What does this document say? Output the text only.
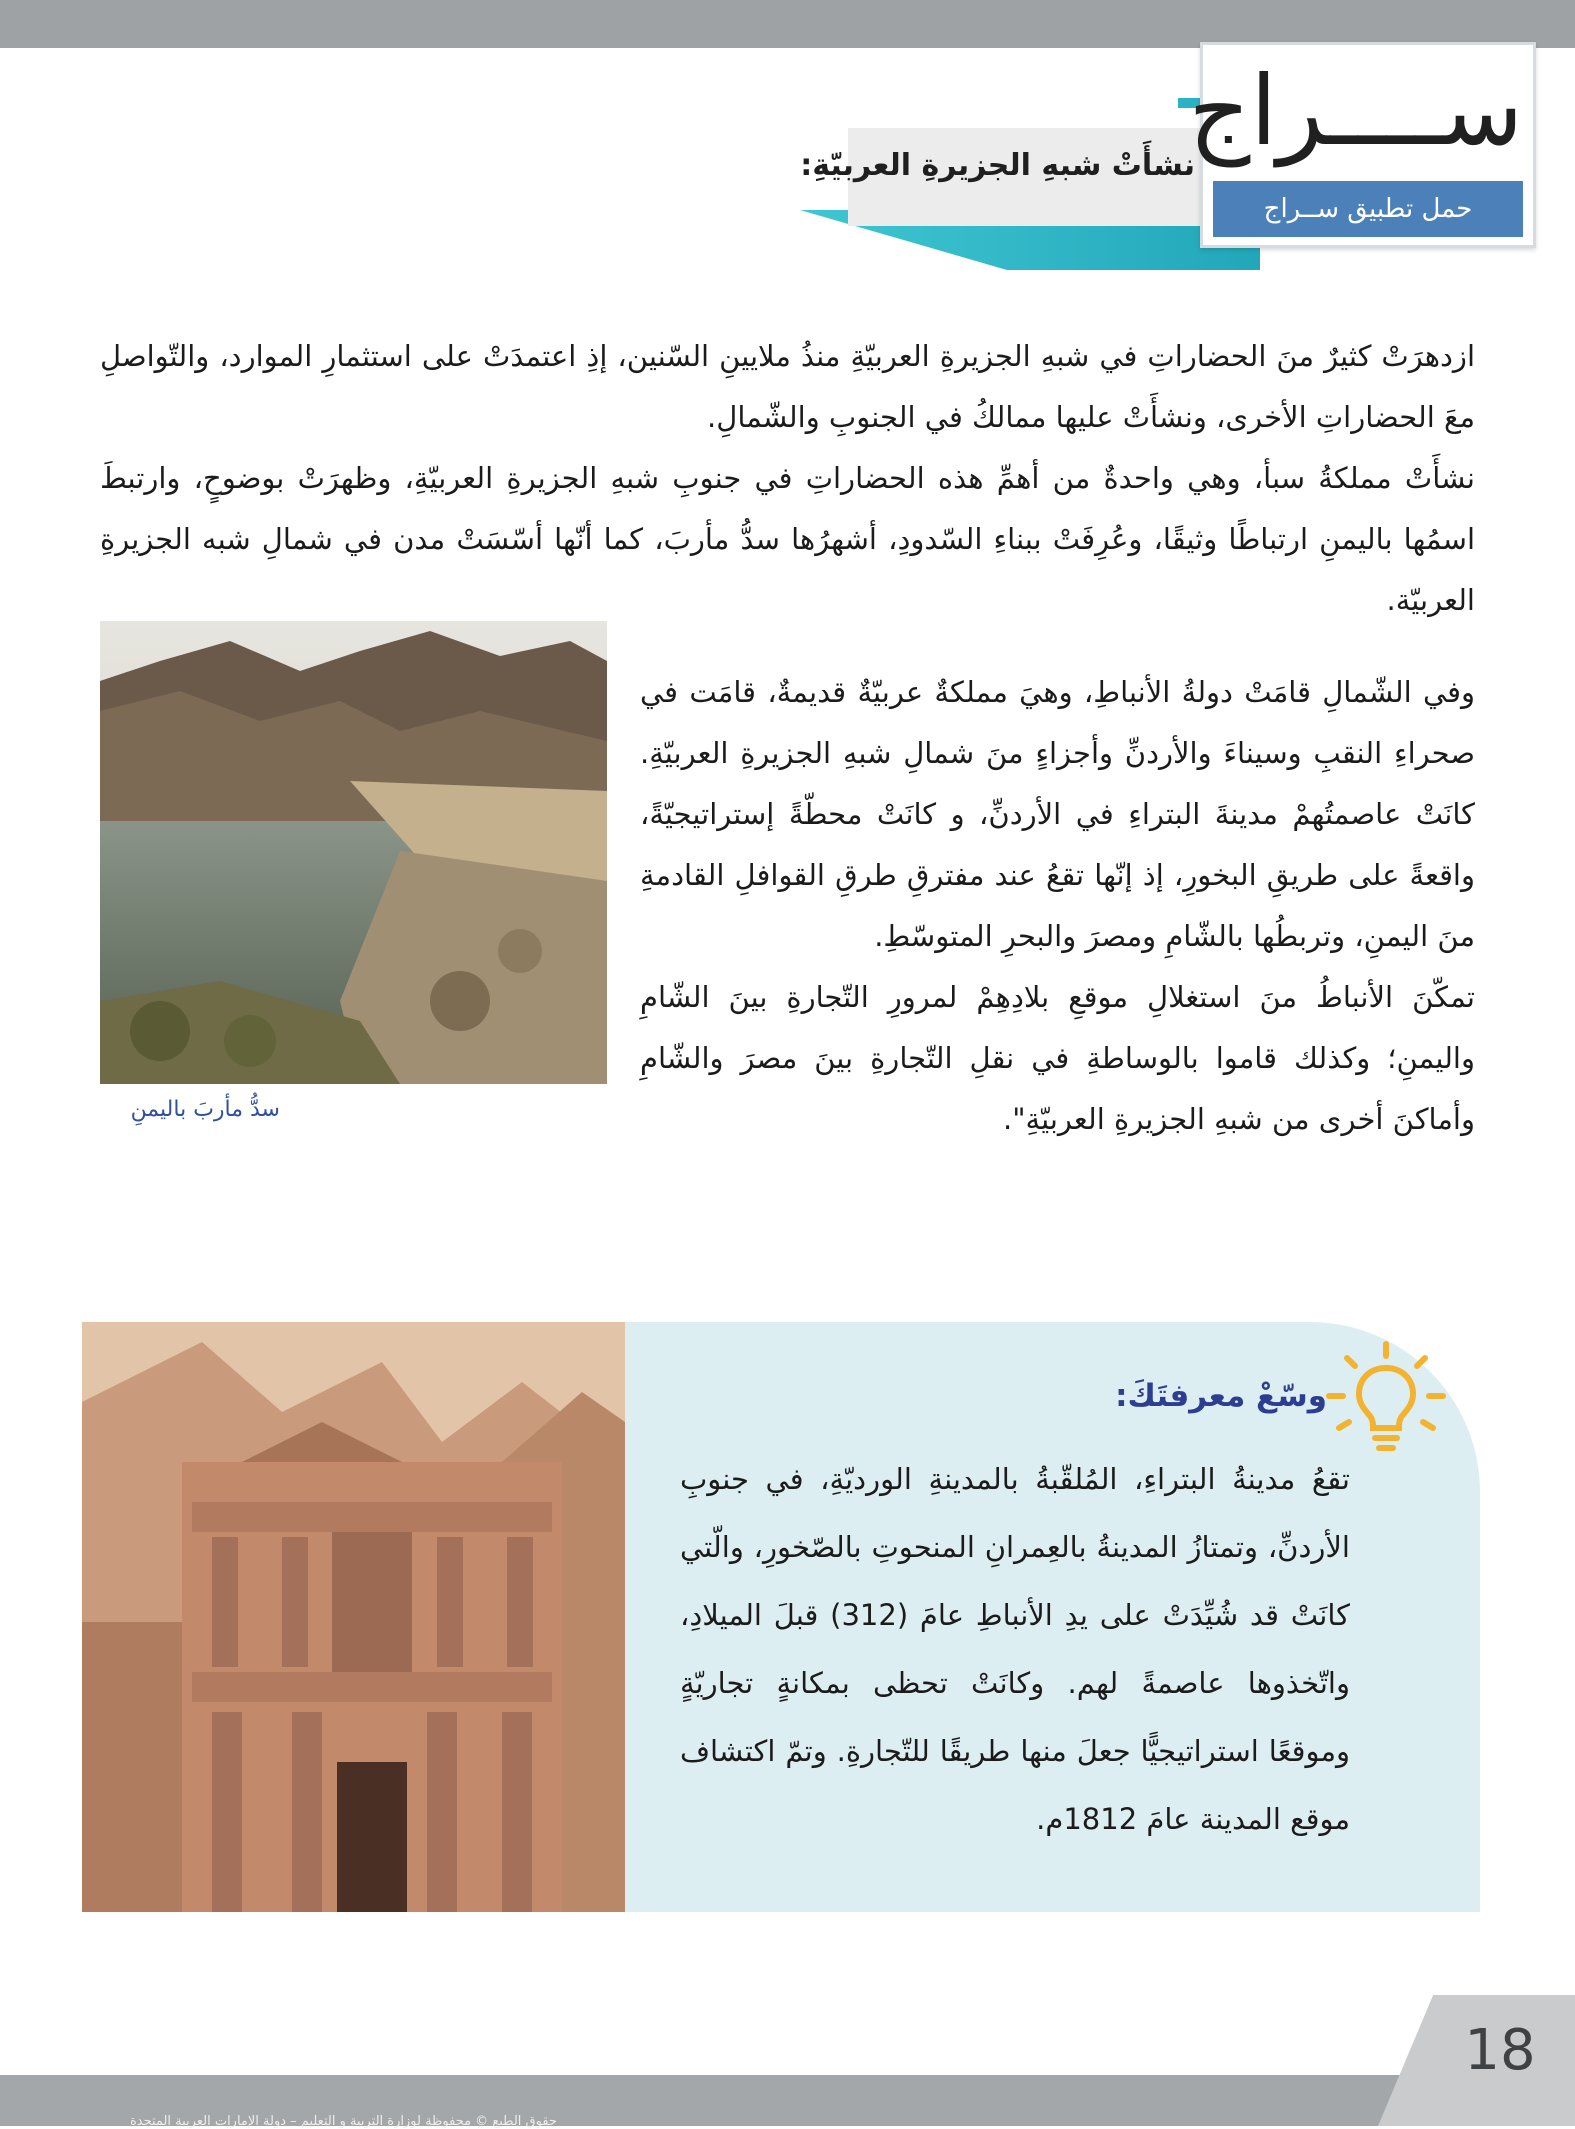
نشأَتْ شبهِ الجزيرةِ العربيّةِ:
ســــراج
حمل تطبيق ســراج
ازدهرَتْ كثيرٌ منَ الحضاراتِ في شبهِ الجزيرةِ العربيّةِ منذُ ملايينِ السّنين، إذِ اعتمدَتْ على استثمارِ الموارد، والتّواصلِ معَ الحضاراتِ الأخرى، ونشأَتْ عليها ممالكُ في الجنوبِ والشّمالِ.
نشأَتْ مملكةُ سبأ، وهي واحدةٌ من أهمِّ هذه الحضاراتِ في جنوبِ شبهِ الجزيرةِ العربيّةِ، وظهرَتْ بوضوحٍ، وارتبطَ اسمُها باليمنِ ارتباطًا وثيقًا، وعُرِفَتْ ببناءِ السّدودِ، أشهرُها سدُّ مأربَ، كما أنّها أسّسَتْ مدن في شمالِ شبه الجزيرةِ العربيّة.
وفي الشّمالِ قامَتْ دولةُ الأنباطِ، وهيَ مملكةٌ عربيّةٌ قديمةٌ، قامَت في صحراءِ النقبِ وسيناءَ والأردنِّ وأجزاءٍ منَ شمالِ شبهِ الجزيرةِ العربيّةِ. كانَتْ عاصمتُهمْ مدينةَ البتراءِ في الأردنِّ، و كانَتْ محطّةً إستراتيجيّةً، واقعةً على طريقِ البخورِ، إذ إنّها تقعُ عند مفترقِ طرقِ القوافلِ القادمةِ منَ اليمنِ، وتربطُها بالشّامِ ومصرَ والبحرِ المتوسّطِ.
تمكّنَ الأنباطُ منَ استغلالِ موقعِ بلادِهِمْ لمرورِ التّجارةِ بينَ الشّامِ واليمنِ؛ وكذلك قاموا بالوساطةِ في نقلِ التّجارةِ بينَ مصرَ والشّامِ وأماكنَ أخرى من شبهِ الجزيرةِ العربيّةِ".
سدُّ مأربَ باليمنِ
وسّعْ معرفتَكَ:
تقعُ مدينةُ البتراءِ، المُلقّبةُ بالمدينةِ الورديّةِ، في جنوبِ الأردنِّ، وتمتازُ المدينةُ بالعِمرانِ المنحوتِ بالصّخورِ، والّتي كانَتْ قد شُيِّدَتْ على يدِ الأنباطِ عامَ (312) قبلَ الميلادِ، واتّخذوها عاصمةً لهم. وكانَتْ تحظى بمكانةٍ تجاريّةٍ وموقعًا استراتيجيًّا جعلَ منها طريقًا للتّجارةِ. وتمّ اكتشاف موقع المدينة عامَ 1812م.
18
حقوق الطبع © محفوظة لوزارة التربية و التعليم – دولة الإمارات العربية المتحدة
